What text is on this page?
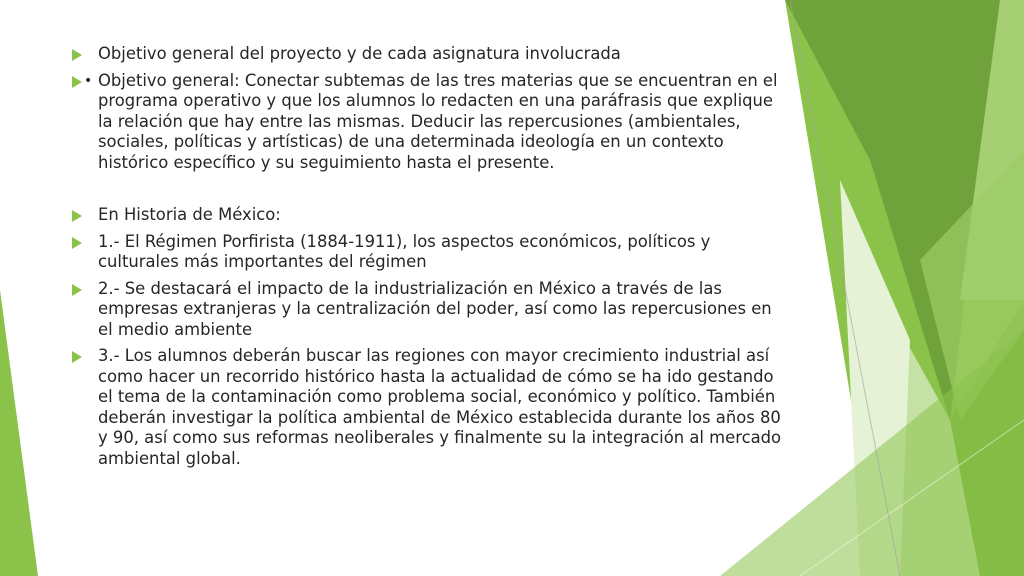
Objetivo general del proyecto y de cada asignatura involucrada
• Objetivo general: Conectar subtemas de las tres materias que se encuentran en el programa operativo y que los alumnos lo redacten en una paráfrasis que explique la relación que hay entre las mismas. Deducir las repercusiones (ambientales, sociales, políticas y artísticas) de una determinada ideología en un contexto histórico específico y su seguimiento hasta el presente.
En Historia de México:
1.- El Régimen Porfirista (1884-1911), los aspectos económicos, políticos y culturales más importantes del régimen
2.- Se destacará el impacto de la industrialización en México a través de las empresas extranjeras y la centralización del poder, así como las repercusiones en el medio ambiente
3.- Los alumnos deberán buscar las regiones con mayor crecimiento industrial así como hacer un recorrido histórico hasta la actualidad de cómo se ha ido gestando el tema de la contaminación como problema social, económico y político. También deberán investigar la política ambiental de México establecida durante los años 80 y 90, así como sus reformas neoliberales y finalmente su la integración al mercado ambiental global.
